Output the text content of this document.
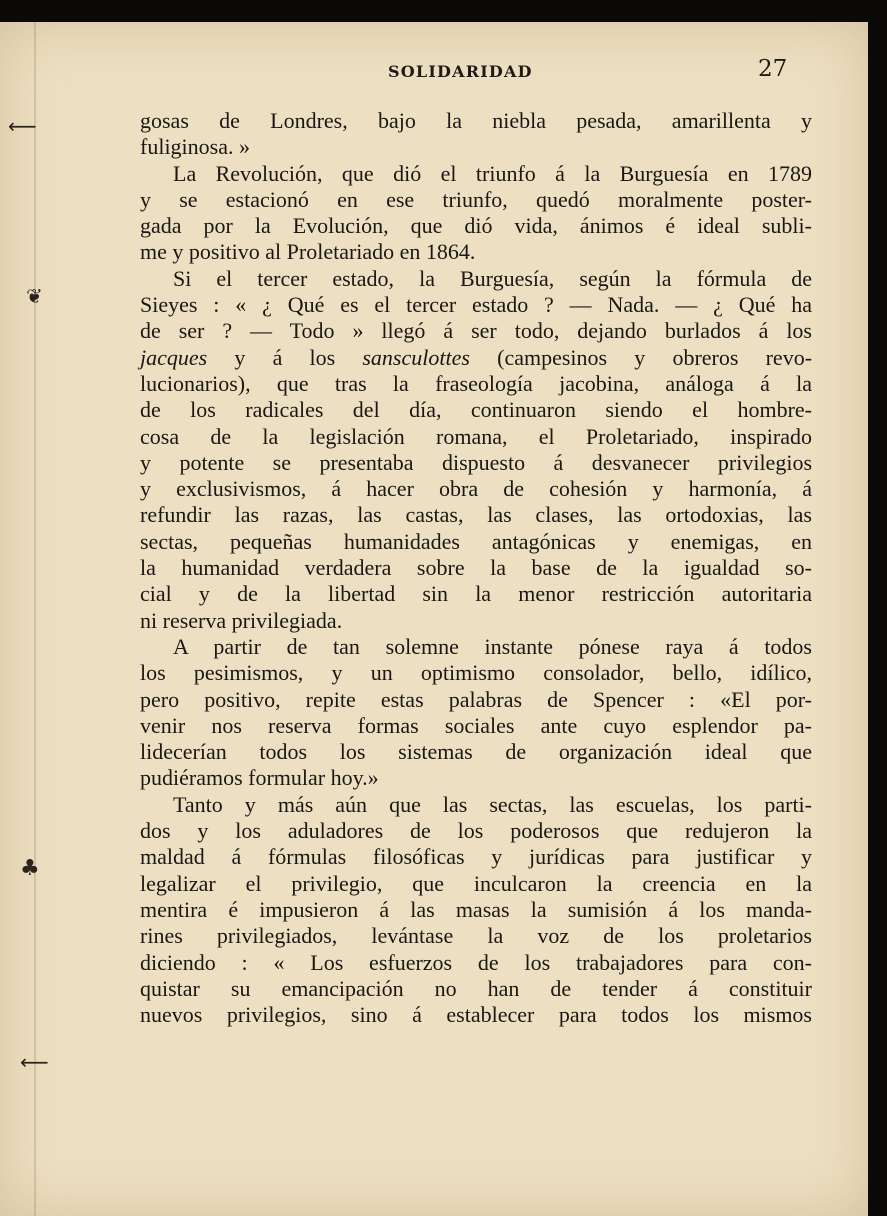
SOLIDARIDAD	27
⟵
❦
♣
⟵

gosas de Londres, bajo la niebla pesada, amarillenta y

fuliginosa. »

La Revolución, que dió el triunfo á la Burguesía en 1789

y se estacionó en ese triunfo, quedó moralmente poster-

gada por la Evolución, que dió vida, ánimos é ideal subli-

me y positivo al Proletariado en 1864.

Si el tercer estado, la Burguesía, según la fórmula de

Sieyes : « ¿ Qué es el tercer estado ? — Nada. — ¿ Qué ha

de ser ? — Todo » llegó á ser todo, dejando burlados á los

jacques y á los sansculottes (campesinos y obreros revo-

lucionarios), que tras la fraseología jacobina, análoga á la

de los radicales del día, continuaron siendo el hombre-

cosa de la legislación romana, el Proletariado, inspirado

y potente se presentaba dispuesto á desvanecer privilegios

y exclusivismos, á hacer obra de cohesión y harmonía, á

refundir las razas, las castas, las clases, las ortodoxias, las

sectas, pequeñas humanidades antagónicas y enemigas, en

la humanidad verdadera sobre la base de la igualdad so-

cial y de la libertad sin la menor restricción autoritaria

ni reserva privilegiada.

A partir de tan solemne instante pónese raya á todos

los pesimismos, y un optimismo consolador, bello, idílico,

pero positivo, repite estas palabras de Spencer : «El por-

venir nos reserva formas sociales ante cuyo esplendor pa-

lidecerían todos los sistemas de organización ideal que

pudiéramos formular hoy.»

Tanto y más aún que las sectas, las escuelas, los parti-

dos y los aduladores de los poderosos que redujeron la

maldad á fórmulas filosóficas y jurídicas para justificar y

legalizar el privilegio, que inculcaron la creencia en la

mentira é impusieron á las masas la sumisión á los manda-

rines privilegiados, levántase la voz de los proletarios

diciendo : « Los esfuerzos de los trabajadores para con-

quistar su emancipación no han de tender á constituir

nuevos privilegios, sino á establecer para todos los mismos
